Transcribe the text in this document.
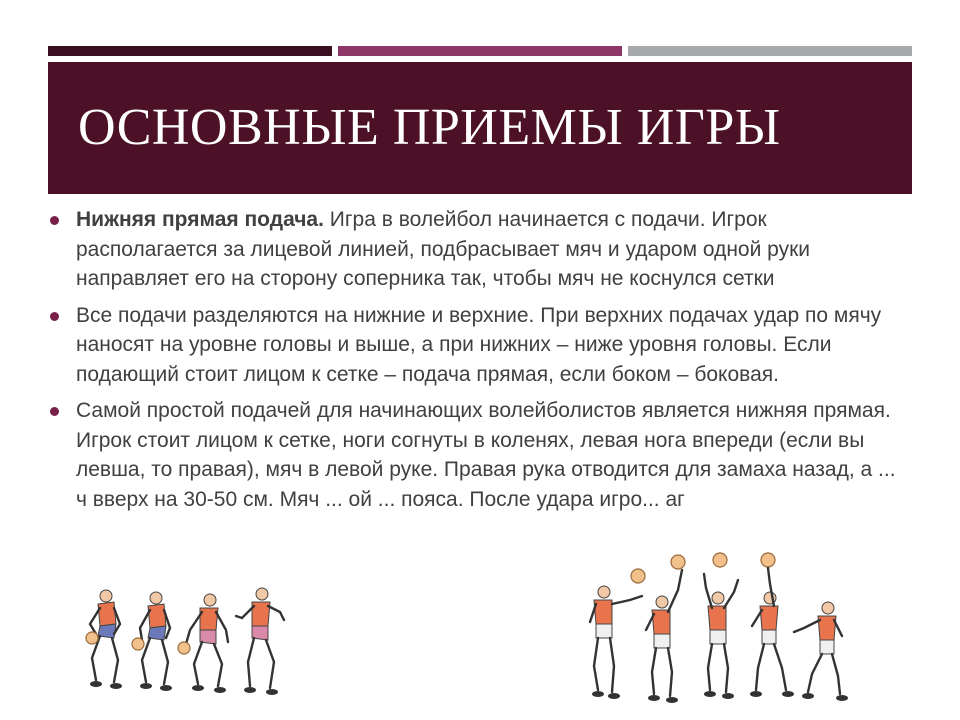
ОСНОВНЫЕ ПРИЕМЫ ИГРЫ
Нижняя прямая подача. Игра в волейбол начинается с подачи. Игрок располагается за лицевой линией, подбрасывает мяч и ударом одной руки направляет его на сторону соперника так, чтобы мяч не коснулся сетки
Все подачи разделяются на нижние и верхние. При верхних подачах удар по мячу наносят на уровне головы и выше, а при нижних – ниже уровня головы. Если подающий стоит лицом к сетке – подача прямая, если боком – боковая.
Самой простой подачей для начинающих волейболистов является нижняя прямая. Игрок стоит лицом к сетке, ноги согнуты в коленях, левая нога впереди (если вы левша, то правая), мяч в левой руке. Правая рука отводится для замаха назад, а ... ч вверх на 30-50 см. Мяч ... ой ... пояса. После удара игро... аг
